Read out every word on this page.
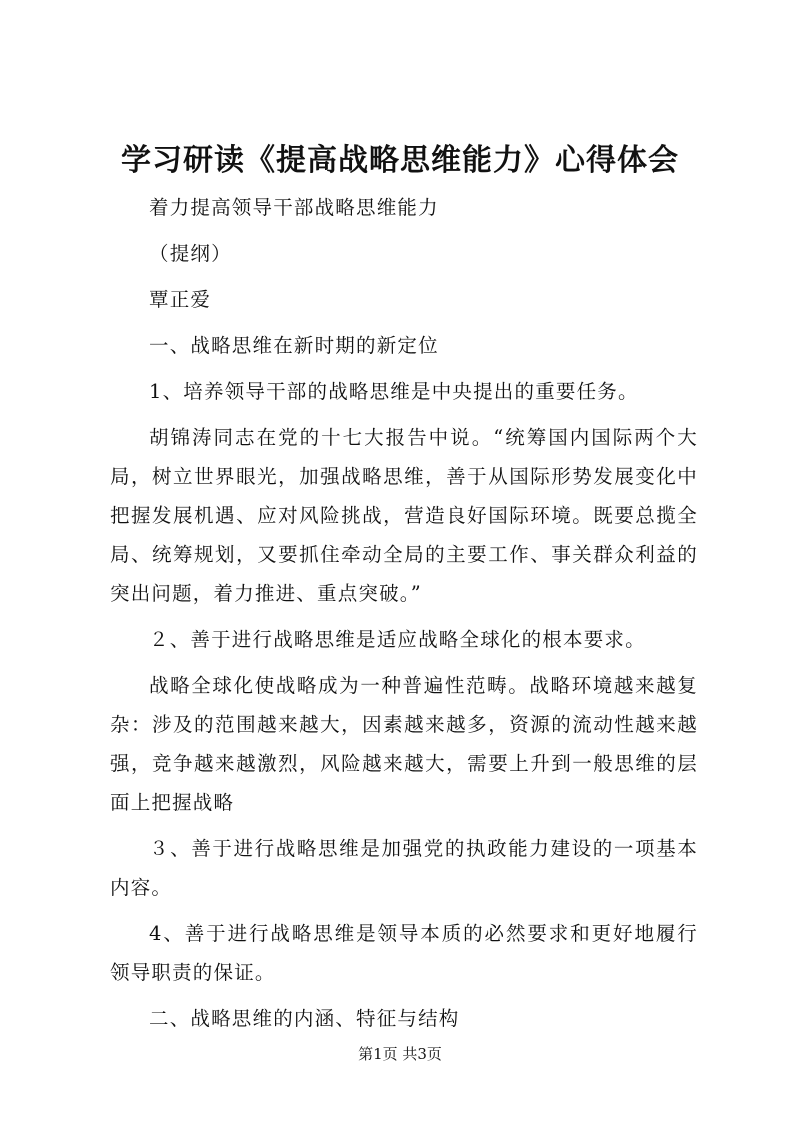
学习研读《提高战略思维能力》心得体会

着力提高领导干部战略思维能力

（提纲）

覃正爱

一、战略思维在新时期的新定位

1、培养领导干部的战略思维是中央提出的重要任务。

胡锦涛同志在党的十七大报告中说。“统筹国内国际两个大局，树立世界眼光，加强战略思维，善于从国际形势发展变化中把握发展机遇、应对风险挑战，营造良好国际环境。既要总揽全局、统筹规划，又要抓住牵动全局的主要工作、事关群众利益的突出问题，着力推进、重点突破。”

２、善于进行战略思维是适应战略全球化的根本要求。

战略全球化使战略成为一种普遍性范畴。战略环境越来越复杂：涉及的范围越来越大，因素越来越多，资源的流动性越来越强，竞争越来越激烈，风险越来越大，需要上升到一般思维的层面上把握战略

３、善于进行战略思维是加强党的执政能力建设的一项基本内容。

4、善于进行战略思维是领导本质的必然要求和更好地履行领导职责的保证。

二、战略思维的内涵、特征与结构

第1页 共3页
